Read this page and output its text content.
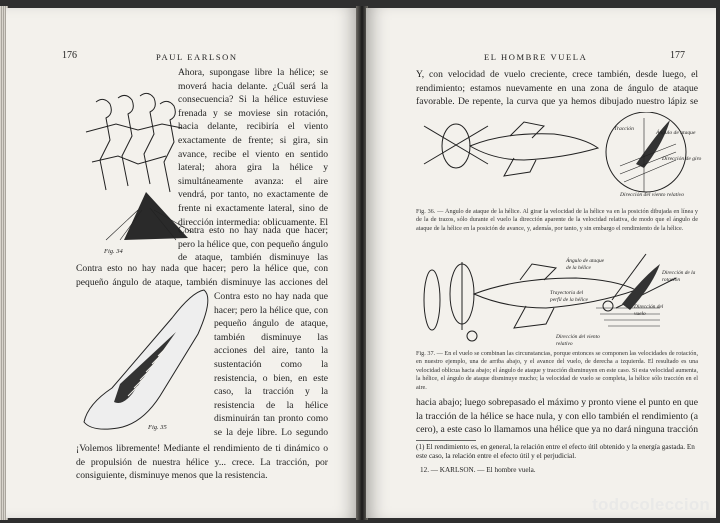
176	PAUL EARLSON

Ahora, supongase libre la hélice; se moverá hacia delante. ¿Cuál será la consecuencia? Si la hélice estuviese frenada y se moviese sin rotación, hacia delante, recibiría el viento exactamente de frente; si gira, sin avance, recibe el viento en sentido lateral; ahora gira la hélice y simultáneamente avanza: el aire vendrá, por tanto, no exactamente de frente ni exactamente lateral, sino de dirección intermedia: oblicuamente. El

Fig. 34

Contra esto no hay nada que hacer; pero la hélice que, con pequeño ángulo de ataque, también disminuye las

Contra esto no hay nada que hacer; pero la hélice que, con pequeño ángulo de ataque, también disminuye las acciones del

Contra esto no hay nada que hacer; pero la hélice que, con pequeño ángulo de ataque, también disminuye las acciones del aire, tanto la sustentación como la resistencia, o bien, en este caso, la tracción y la resistencia de la hélice disminuirán tan pronto como se la deje libre. Lo segundo

Fig. 35

¡Volemos libremente! Mediante el rendimiento de ti dinámico o de propulsión de nuestra hélice y... crece. La tracción, por consiguiente, disminuye menos que la resistencia.

EL HOMBRE VUELA	177

Y, con velocidad de vuelo creciente, crece también, desde luego, el rendimiento; estamos nuevamente en una zona de ángulo de ataque favorable. De repente, la curva que ya hemos dibujado nuestro lápiz se

Tracción
Ángulo de ataque
Dirección de giro
Dirección del viento relativo

Fig. 36. — Ángulo de ataque de la hélice. Al girar la velocidad de la hélice va en la posición dibujada en línea y de la de trazos, sólo durante el vuelo la dirección aparente de la velocidad relativa, de modo que el ángulo de ataque de la hélice en la posición de avance, y, además, por tanto, y sin embargo el rendimiento de la hélice.

Ángulo de ataque de la hélice
Dirección de la rotación
Trayectoria del perfil de la hélice
Dirección del vuelo
Dirección del viento relativo

Fig. 37. — En el vuelo se combinan las circunstancias, porque entonces se componen las velocidades de rotación, en nuestro ejemplo, una de arriba abajo, y el avance del vuelo, de derecha a izquierda. El resultado es una velocidad oblicua hacia abajo; el ángulo de ataque y tracción disminuyen en este caso. Si esta velocidad aumenta, la hélice, el ángulo de ataque disminuye mucho; la velocidad de vuelo se completa, la hélice sólo tracción en el aire.

hacia abajo; luego sobrepasado el máximo y pronto viene el punto en que la tracción de la hélice se hace nula, y con ello también el rendimiento (a cero), a este caso lo llamamos una hélice que ya no dará ninguna tracción

(1) El rendimiento es, en general, la relación entre el efecto útil obtenido y la energía gastada. En este caso, la relación entre el efecto útil y el perjudicial.

12. — KARLSON. — El hombre vuela.
todocoleccion
